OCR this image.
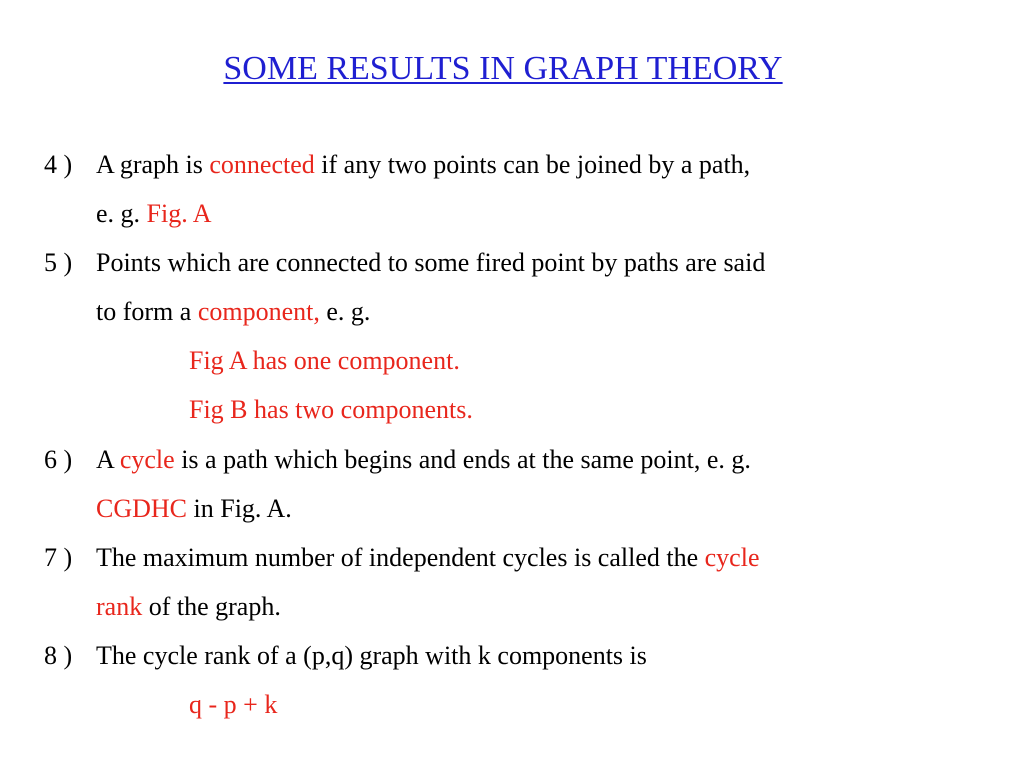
SOME RESULTS IN GRAPH THEORY
4 ) A graph is connected if any two points can be joined by a path,
e. g. Fig. A
5 ) Points which are connected to some fired point by paths are said
to form a component, e. g.
Fig A has one component.
Fig B has two components.
6 ) A cycle is a path which begins and ends at the same point, e. g.
CGDHC in Fig. A.
7 ) The maximum number of independent cycles is called the cycle
rank of the graph.
8 ) The cycle rank of a (p,q) graph with k components is
q - p + k
